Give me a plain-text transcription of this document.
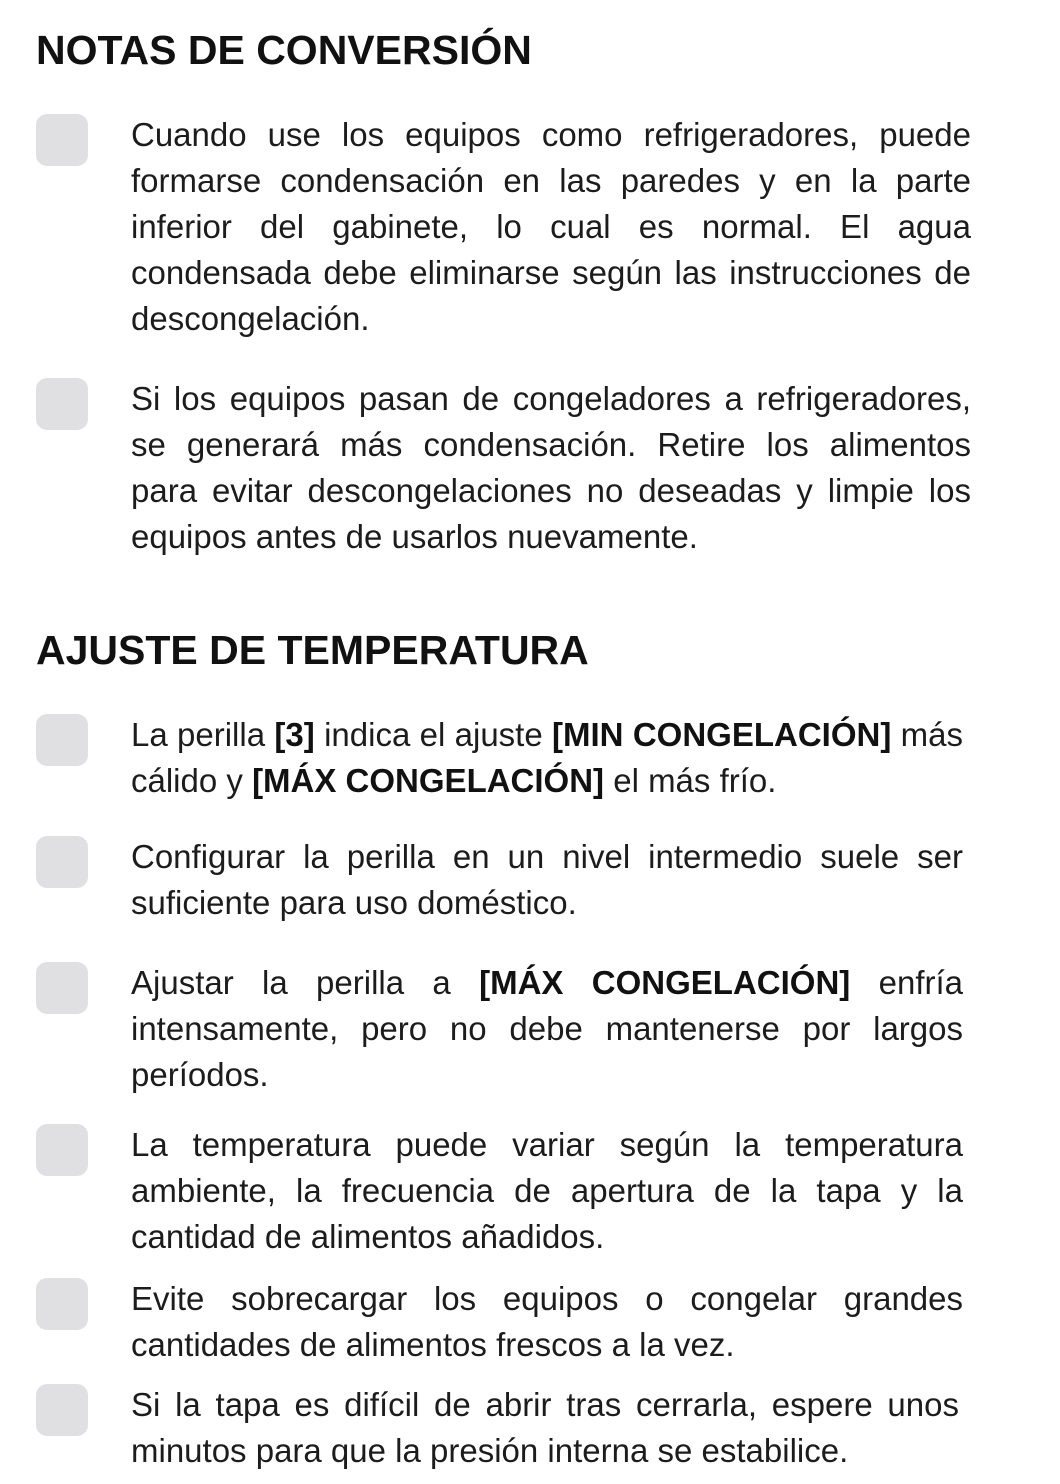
NOTAS DE CONVERSIÓN

Cuando use los equipos como refrigeradores, puede formarse condensación en las paredes y en la parte inferior del gabinete, lo cual es normal. El agua condensada debe eliminarse según las instrucciones de descongelación.

Si los equipos pasan de congeladores a refrigeradores, se generará más condensación. Retire los alimentos para evitar descongelaciones no deseadas y limpie los equipos antes de usarlos nuevamente.

AJUSTE DE TEMPERATURA

La perilla [3] indica el ajuste [MIN CONGELACIÓN] más cálido y [MÁX CONGELACIÓN] el más frío.

Configurar la perilla en un nivel intermedio suele ser suficiente para uso doméstico.

Ajustar la perilla a [MÁX CONGELACIÓN] enfría intensamente, pero no debe mantenerse por largos períodos.

La temperatura puede variar según la temperatura ambiente, la frecuencia de apertura de la tapa y la cantidad de alimentos añadidos.

Evite sobrecargar los equipos o congelar grandes cantidades de alimentos frescos a la vez.

Si la tapa es difícil de abrir tras cerrarla, espere unos minutos para que la presión interna se estabilice.
